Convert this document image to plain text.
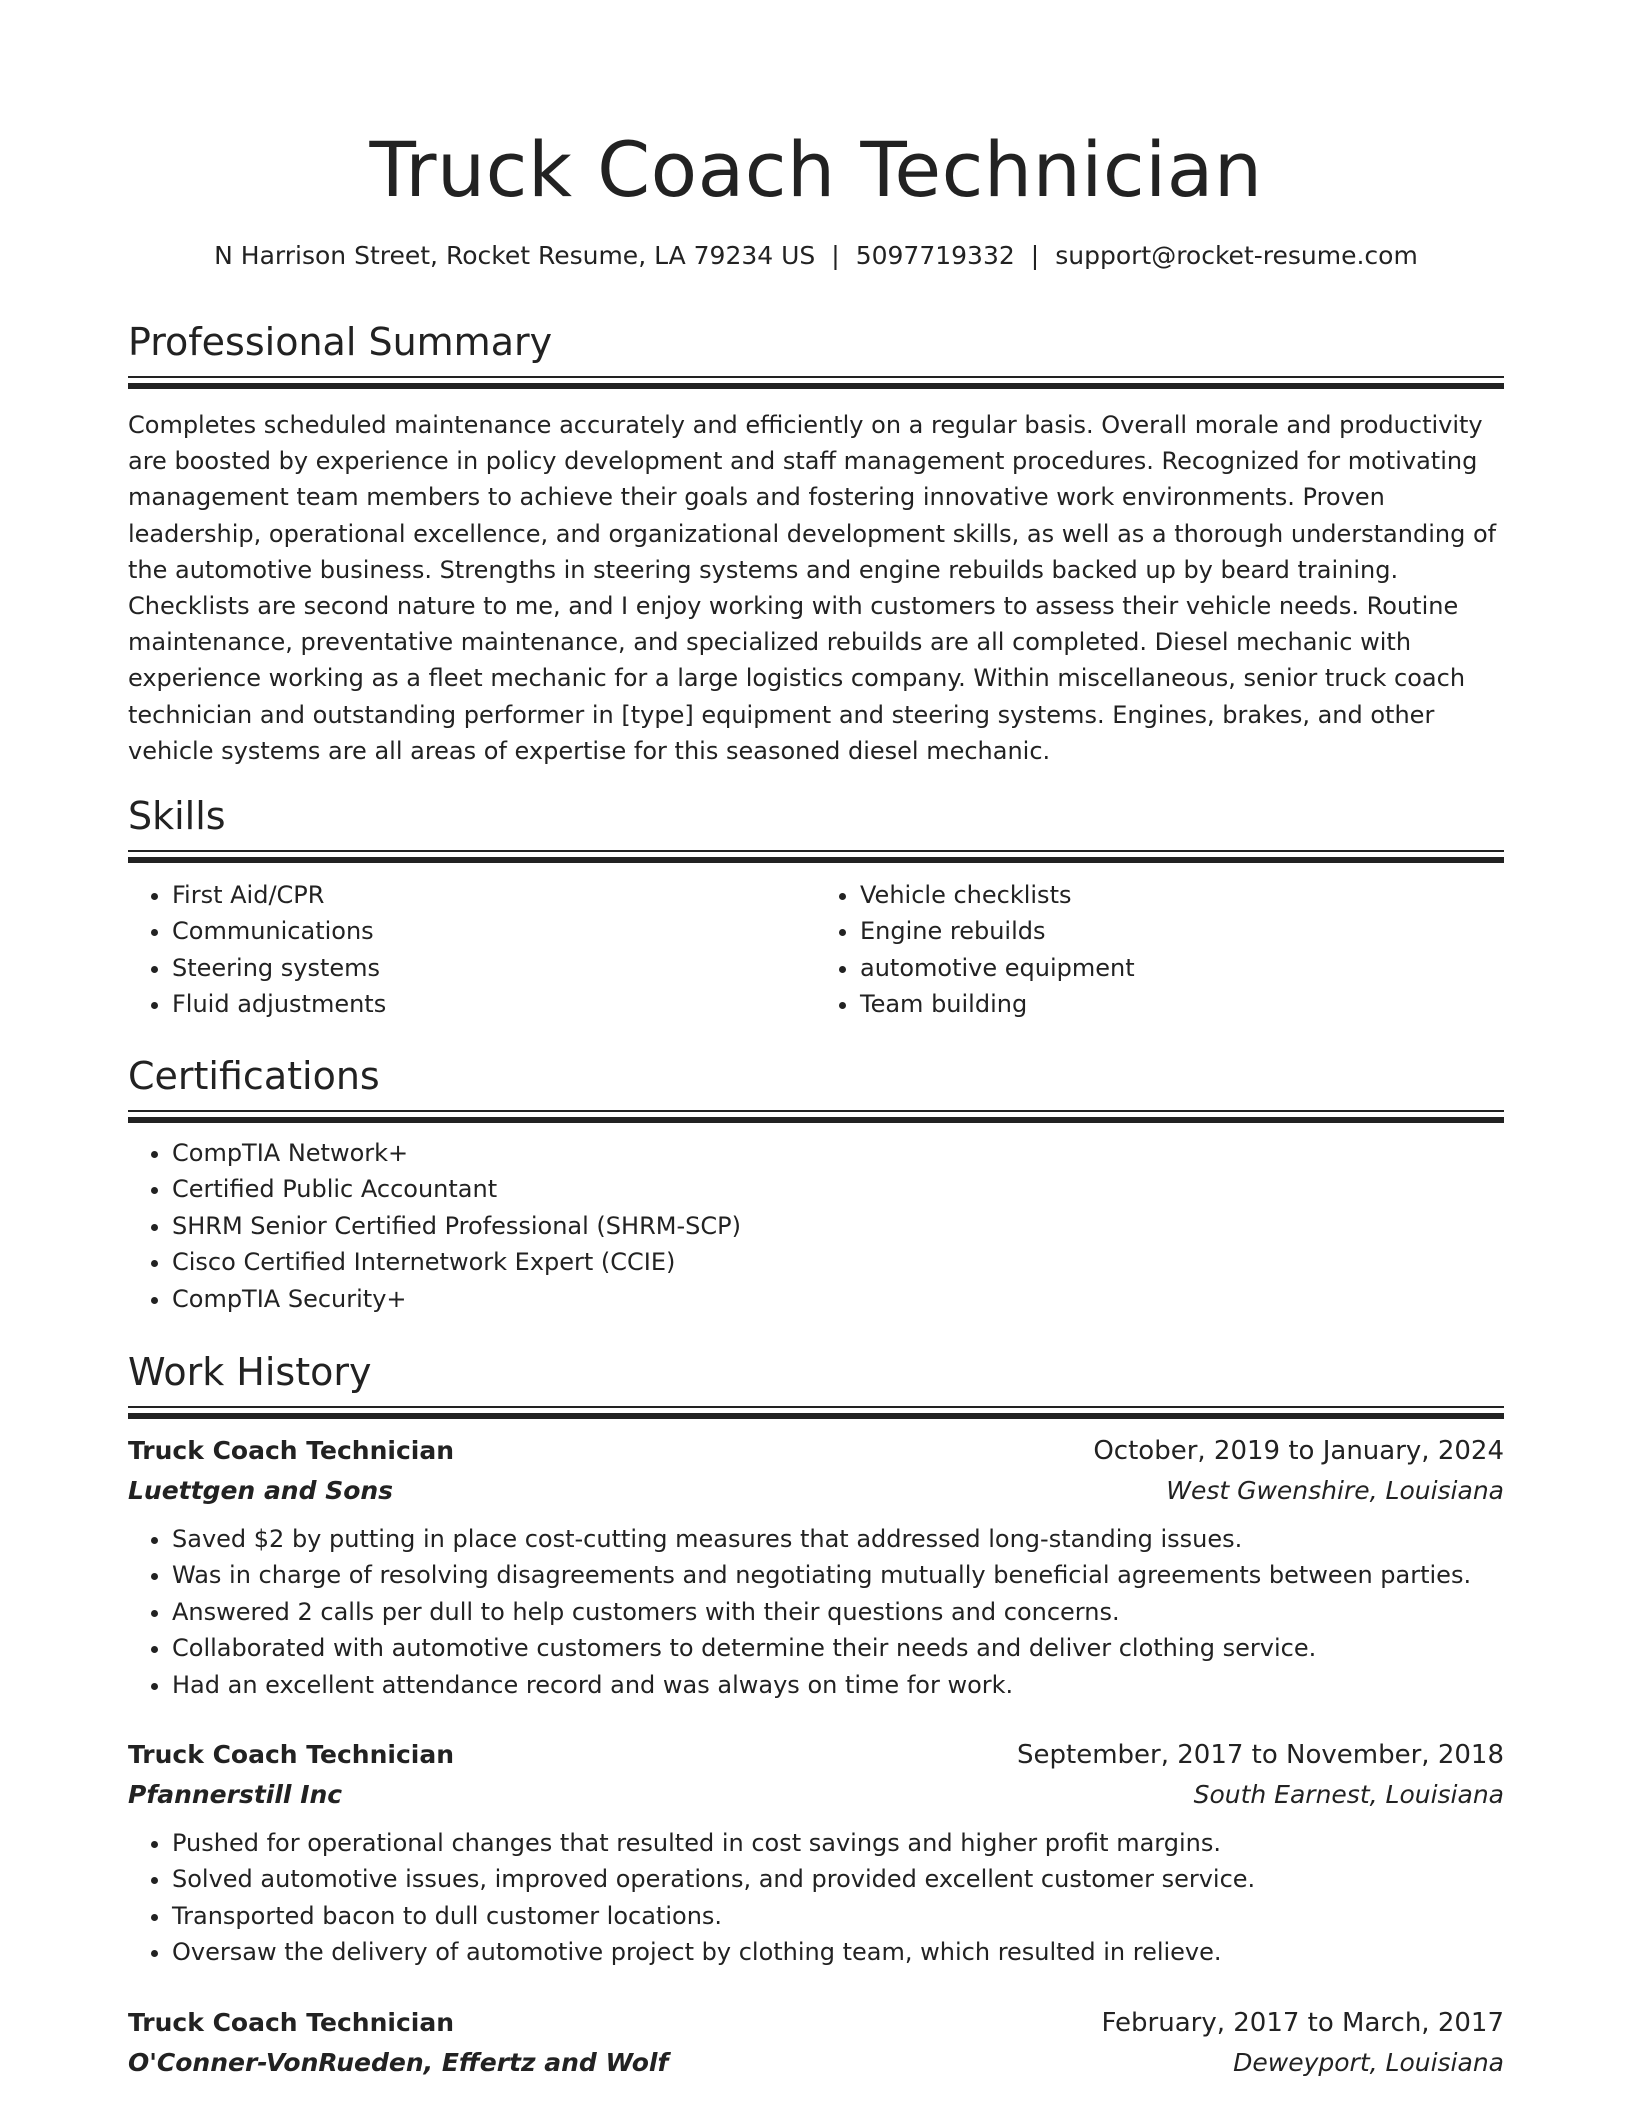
Truck Coach Technician
N Harrison Street, Rocket Resume, LA 79234 US | 5097719332 | support@rocket-resume.com
Professional Summary

Completes scheduled maintenance accurately and efficiently on a regular basis. Overall morale and productivity are boosted by experience in policy development and staff management procedures. Recognized for motivating management team members to achieve their goals and fostering innovative work environments. Proven leadership, operational excellence, and organizational development skills, as well as a thorough understanding of the automotive business. Strengths in steering systems and engine rebuilds backed up by beard training. Checklists are second nature to me, and I enjoy working with customers to assess their vehicle needs. Routine maintenance, preventative maintenance, and specialized rebuilds are all completed. Diesel mechanic with experience working as a fleet mechanic for a large logistics company. Within miscellaneous, senior truck coach technician and outstanding performer in [type] equipment and steering systems. Engines, brakes, and other vehicle systems are all areas of expertise for this seasoned diesel mechanic.

Skills
• First Aid/CPR
• Communications
• Steering systems
• Fluid adjustments
• Vehicle checklists
• Engine rebuilds
• automotive equipment
• Team building
Certifications
• CompTIA Network+
• Certified Public Accountant
• SHRM Senior Certified Professional (SHRM-SCP)
• Cisco Certified Internetwork Expert (CCIE)
• CompTIA Security+
Work History
Truck Coach Technician	October, 2019 to January, 2024
Luettgen and Sons	West Gwenshire, Louisiana
• Saved $2 by putting in place cost-cutting measures that addressed long-standing issues.
• Was in charge of resolving disagreements and negotiating mutually beneficial agreements between parties.
• Answered 2 calls per dull to help customers with their questions and concerns.
• Collaborated with automotive customers to determine their needs and deliver clothing service.
• Had an excellent attendance record and was always on time for work.
Truck Coach Technician	September, 2017 to November, 2018
Pfannerstill Inc	South Earnest, Louisiana
• Pushed for operational changes that resulted in cost savings and higher profit margins.
• Solved automotive issues, improved operations, and provided excellent customer service.
• Transported bacon to dull customer locations.
• Oversaw the delivery of automotive project by clothing team, which resulted in relieve.
Truck Coach Technician	February, 2017 to March, 2017
O'Conner-VonRueden, Effertz and Wolf	Deweyport, Louisiana
